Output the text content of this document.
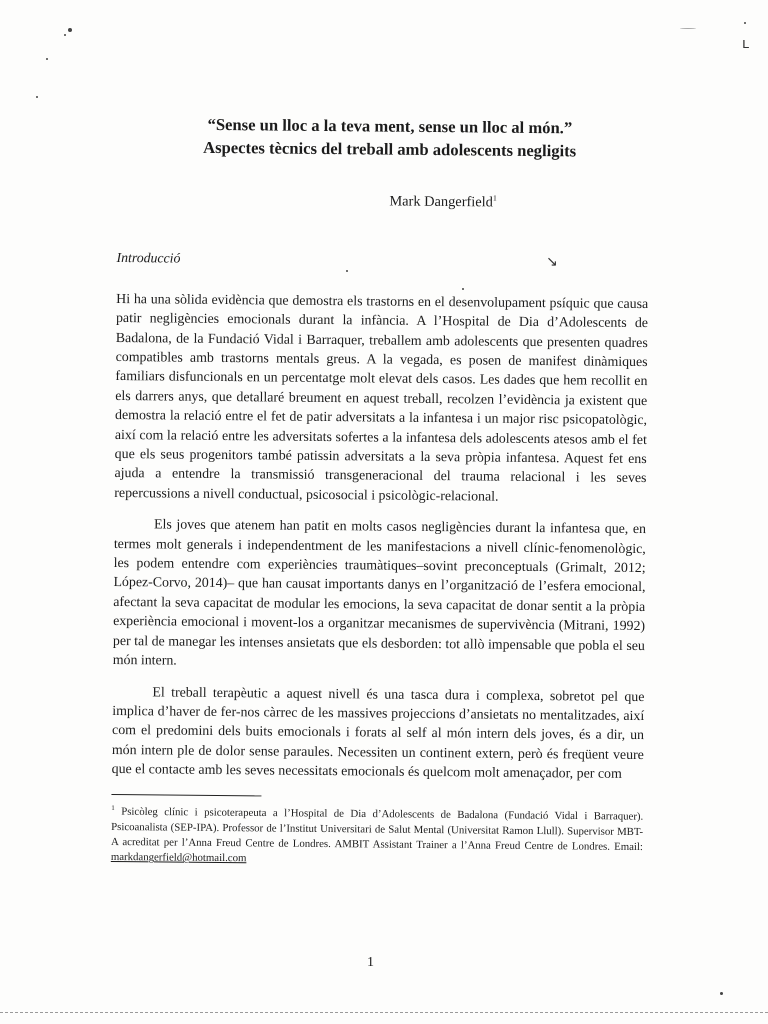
ʟ
↘
“Sense un lloc a la teva ment, sense un lloc al món.”
Aspectes tècnics del treball amb adolescents negligits
Mark Dangerfield$^1$
Introducció

Hi ha una sòlida evidència que demostra els trastorns en el desenvolupament psíquic que causa patir negligències emocionals durant la infància. A l’Hospital de Dia d’Adolescents de Badalona, de la Fundació Vidal i Barraquer, treballem amb adolescents que presenten quadres compatibles amb trastorns mentals greus. A la vegada, es posen de manifest dinàmiques familiars disfuncionals en un percentatge molt elevat dels casos. Les dades que hem recollit en els darrers anys, que detallaré breument en aquest treball, recolzen l’evidència ja existent que demostra la relació entre el fet de patir adversitats a la infantesa i un major risc psicopatològic, així com la relació entre les adversitats sofertes a la infantesa dels adolescents atesos amb el fet que els seus progenitors també patissin adversitats a la seva pròpia infantesa. Aquest fet ens ajuda a entendre la transmissió transgeneracional del trauma relacional i les seves repercussions a nivell conductual, psicosocial i psicològic-relacional.

Els joves que atenem han patit en molts casos negligències durant la infantesa que, en termes molt generals i independentment de les manifestacions a nivell clínic-fenomenològic, les podem entendre com experiències traumàtiques–sovint preconceptuals (Grimalt, 2012; López-Corvo, 2014)– que han causat importants danys en l’organització de l’esfera emocional, afectant la seva capacitat de modular les emocions, la seva capacitat de donar sentit a la pròpia experiència emocional i movent-los a organitzar mecanismes de supervivència (Mitrani, 1992) per tal de manegar les intenses ansietats que els desborden: tot allò impensable que pobla el seu món intern.

El treball terapèutic a aquest nivell és una tasca dura i complexa, sobretot pel que implica d’haver de fer-nos càrrec de les massives projeccions d’ansietats no mentalitzades, així com el predomini dels buits emocionals i forats al self al món intern dels joves, és a dir, un món intern ple de dolor sense paraules. Necessiten un continent extern, però és freqüent veure que el contacte amb les seves necessitats emocionals és quelcom molt amenaçador, per com

$^1$ Psicòleg clínic i psicoterapeuta a l’Hospital de Dia d’Adolescents de Badalona (Fundació Vidal i Barraquer). Psicoanalista (SEP-IPA). Professor de l’Institut Universitari de Salut Mental (Universitat Ramon Llull). Supervisor MBT-A acreditat per l’Anna Freud Centre de Londres. AMBIT Assistant Trainer a l’Anna Freud Centre de Londres. Email: markdangerfield@hotmail.com
1
